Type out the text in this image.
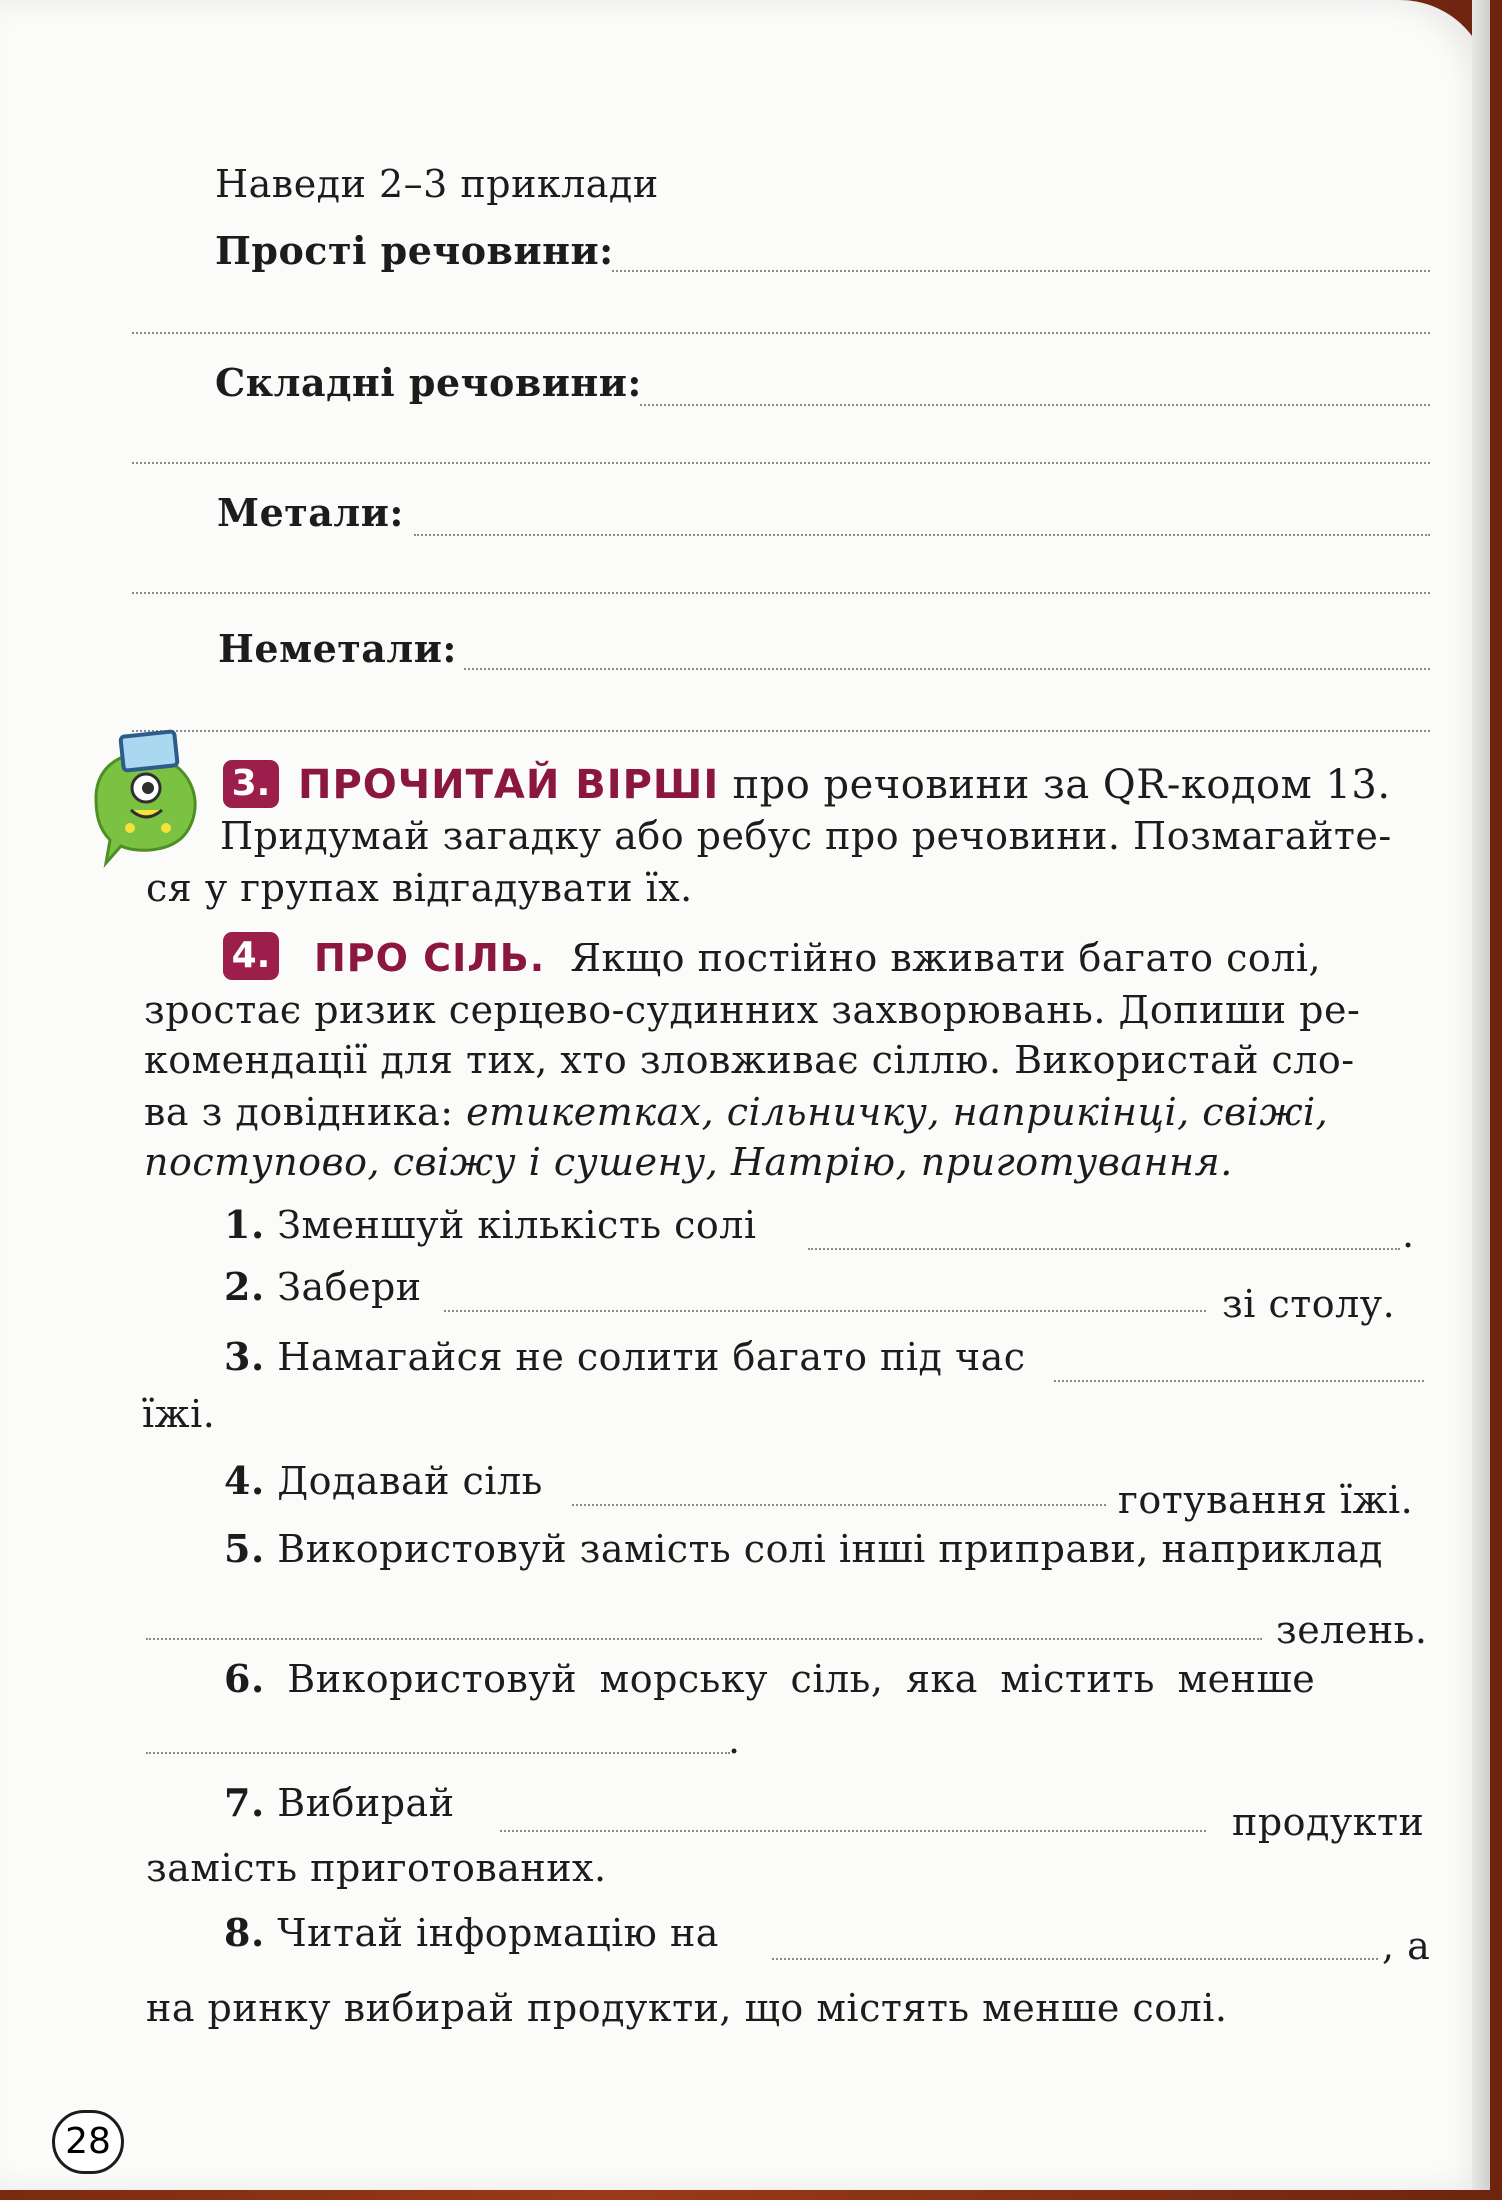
Наведи 2–3 приклади
Прості речовини:
Складні речовини:
Метали:
Неметали:
3. ПРОЧИТАЙ ВІРШІ про речовини за QR-кодом 13.
Придумай загадку або ребус про речовини. Позмагайте-
ся у групах відгадувати їх.
4. ПРО СІЛЬ. Якщо постійно вживати багато солі,
зростає ризик серцево-судинних захворювань. Допиши ре-
комендації для тих, хто зловживає сіллю. Використай сло-
ва з довідника: етикетках, сільничку, наприкінці, свіжі,
поступово, свіжу і сушену, Натрію, приготування.
1. Зменшуй кількість солі	.
2. Забери	зі столу.
3. Намагайся не солити багато під час
їжі.
4. Додавай сіль	готування їжі.
5. Використовуй замість солі інші приправи, наприклад
зелень.
6. Використовуй морську сіль, яка містить менше
.
7. Вибирай	продукти
замість приготованих.
8. Читай інформацію на	, а
на ринку вибирай продукти, що містять менше солі.
28
